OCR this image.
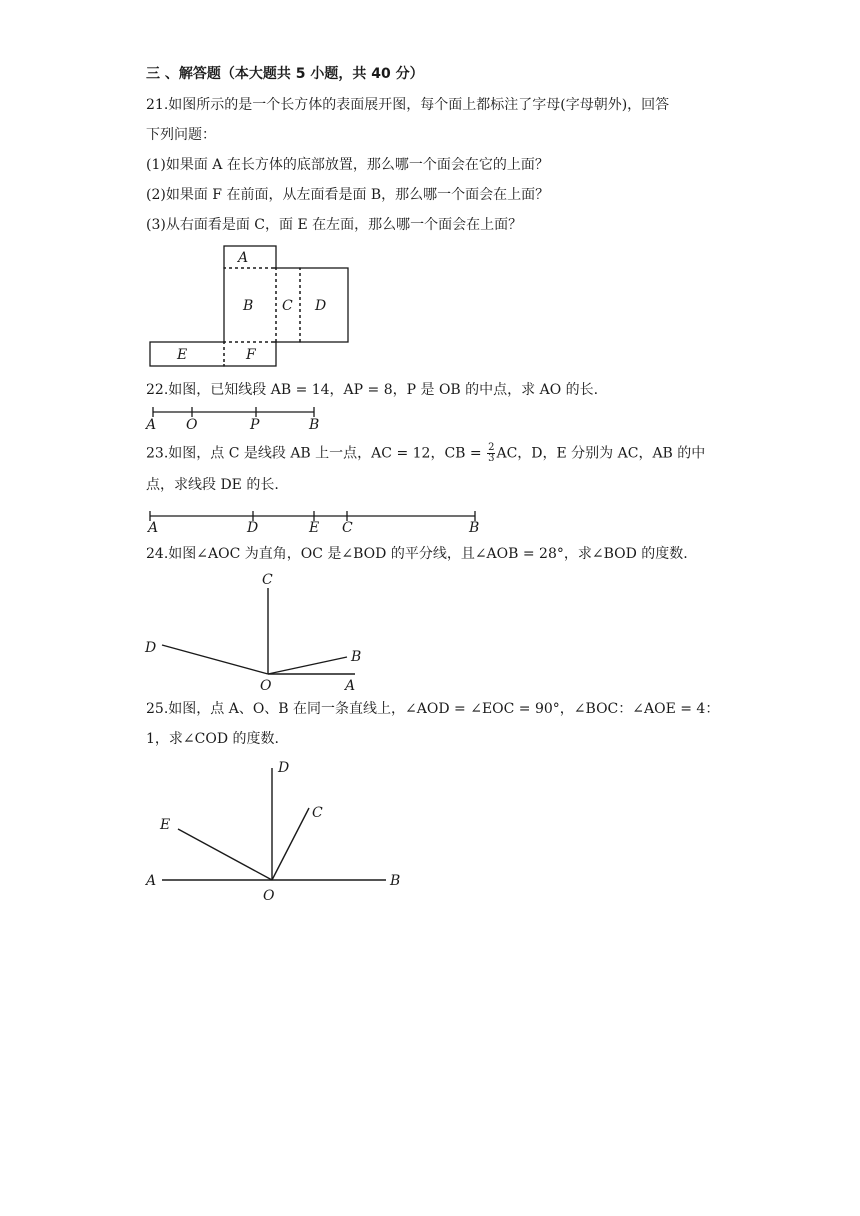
三 、解答题（本大题共 5 小题，共 40 分）
21.如图所示的是一个长方体的表面展开图，每个面上都标注了字母(字母朝外)，回答
下列问题：
(1)如果面 A 在长方体的底部放置，那么哪一个面会在它的上面？
(2)如果面 F 在前面，从左面看是面 B，那么哪一个面会在上面？
(3)从右面看是面 C，面 E 在左面，那么哪一个面会在上面？
A
B C D
E	F
22.如图，已知线段 AB = 14，AP = 8，P 是 OB 的中点，求 AO 的长.
A O	P	B
23.如图，点 C 是线段 AB 上一点，AC = 12，CB = $\frac{2}{3}$ AC，D，E 分别为 AC，AB 的中
点，求线段 DE 的长.
A	D	E C	B
24.如图∠AOC 为直角，OC 是∠BOD 的平分线，且∠AOB = 28°，求∠BOD 的度数.
C
D
B
O	A
25.如图，点 A、O、B 在同一条直线上，∠AOD = ∠EOC = 90°，∠BOC：∠AOE = 4：
1，求∠COD 的度数.
D
E
C
A
O
B
